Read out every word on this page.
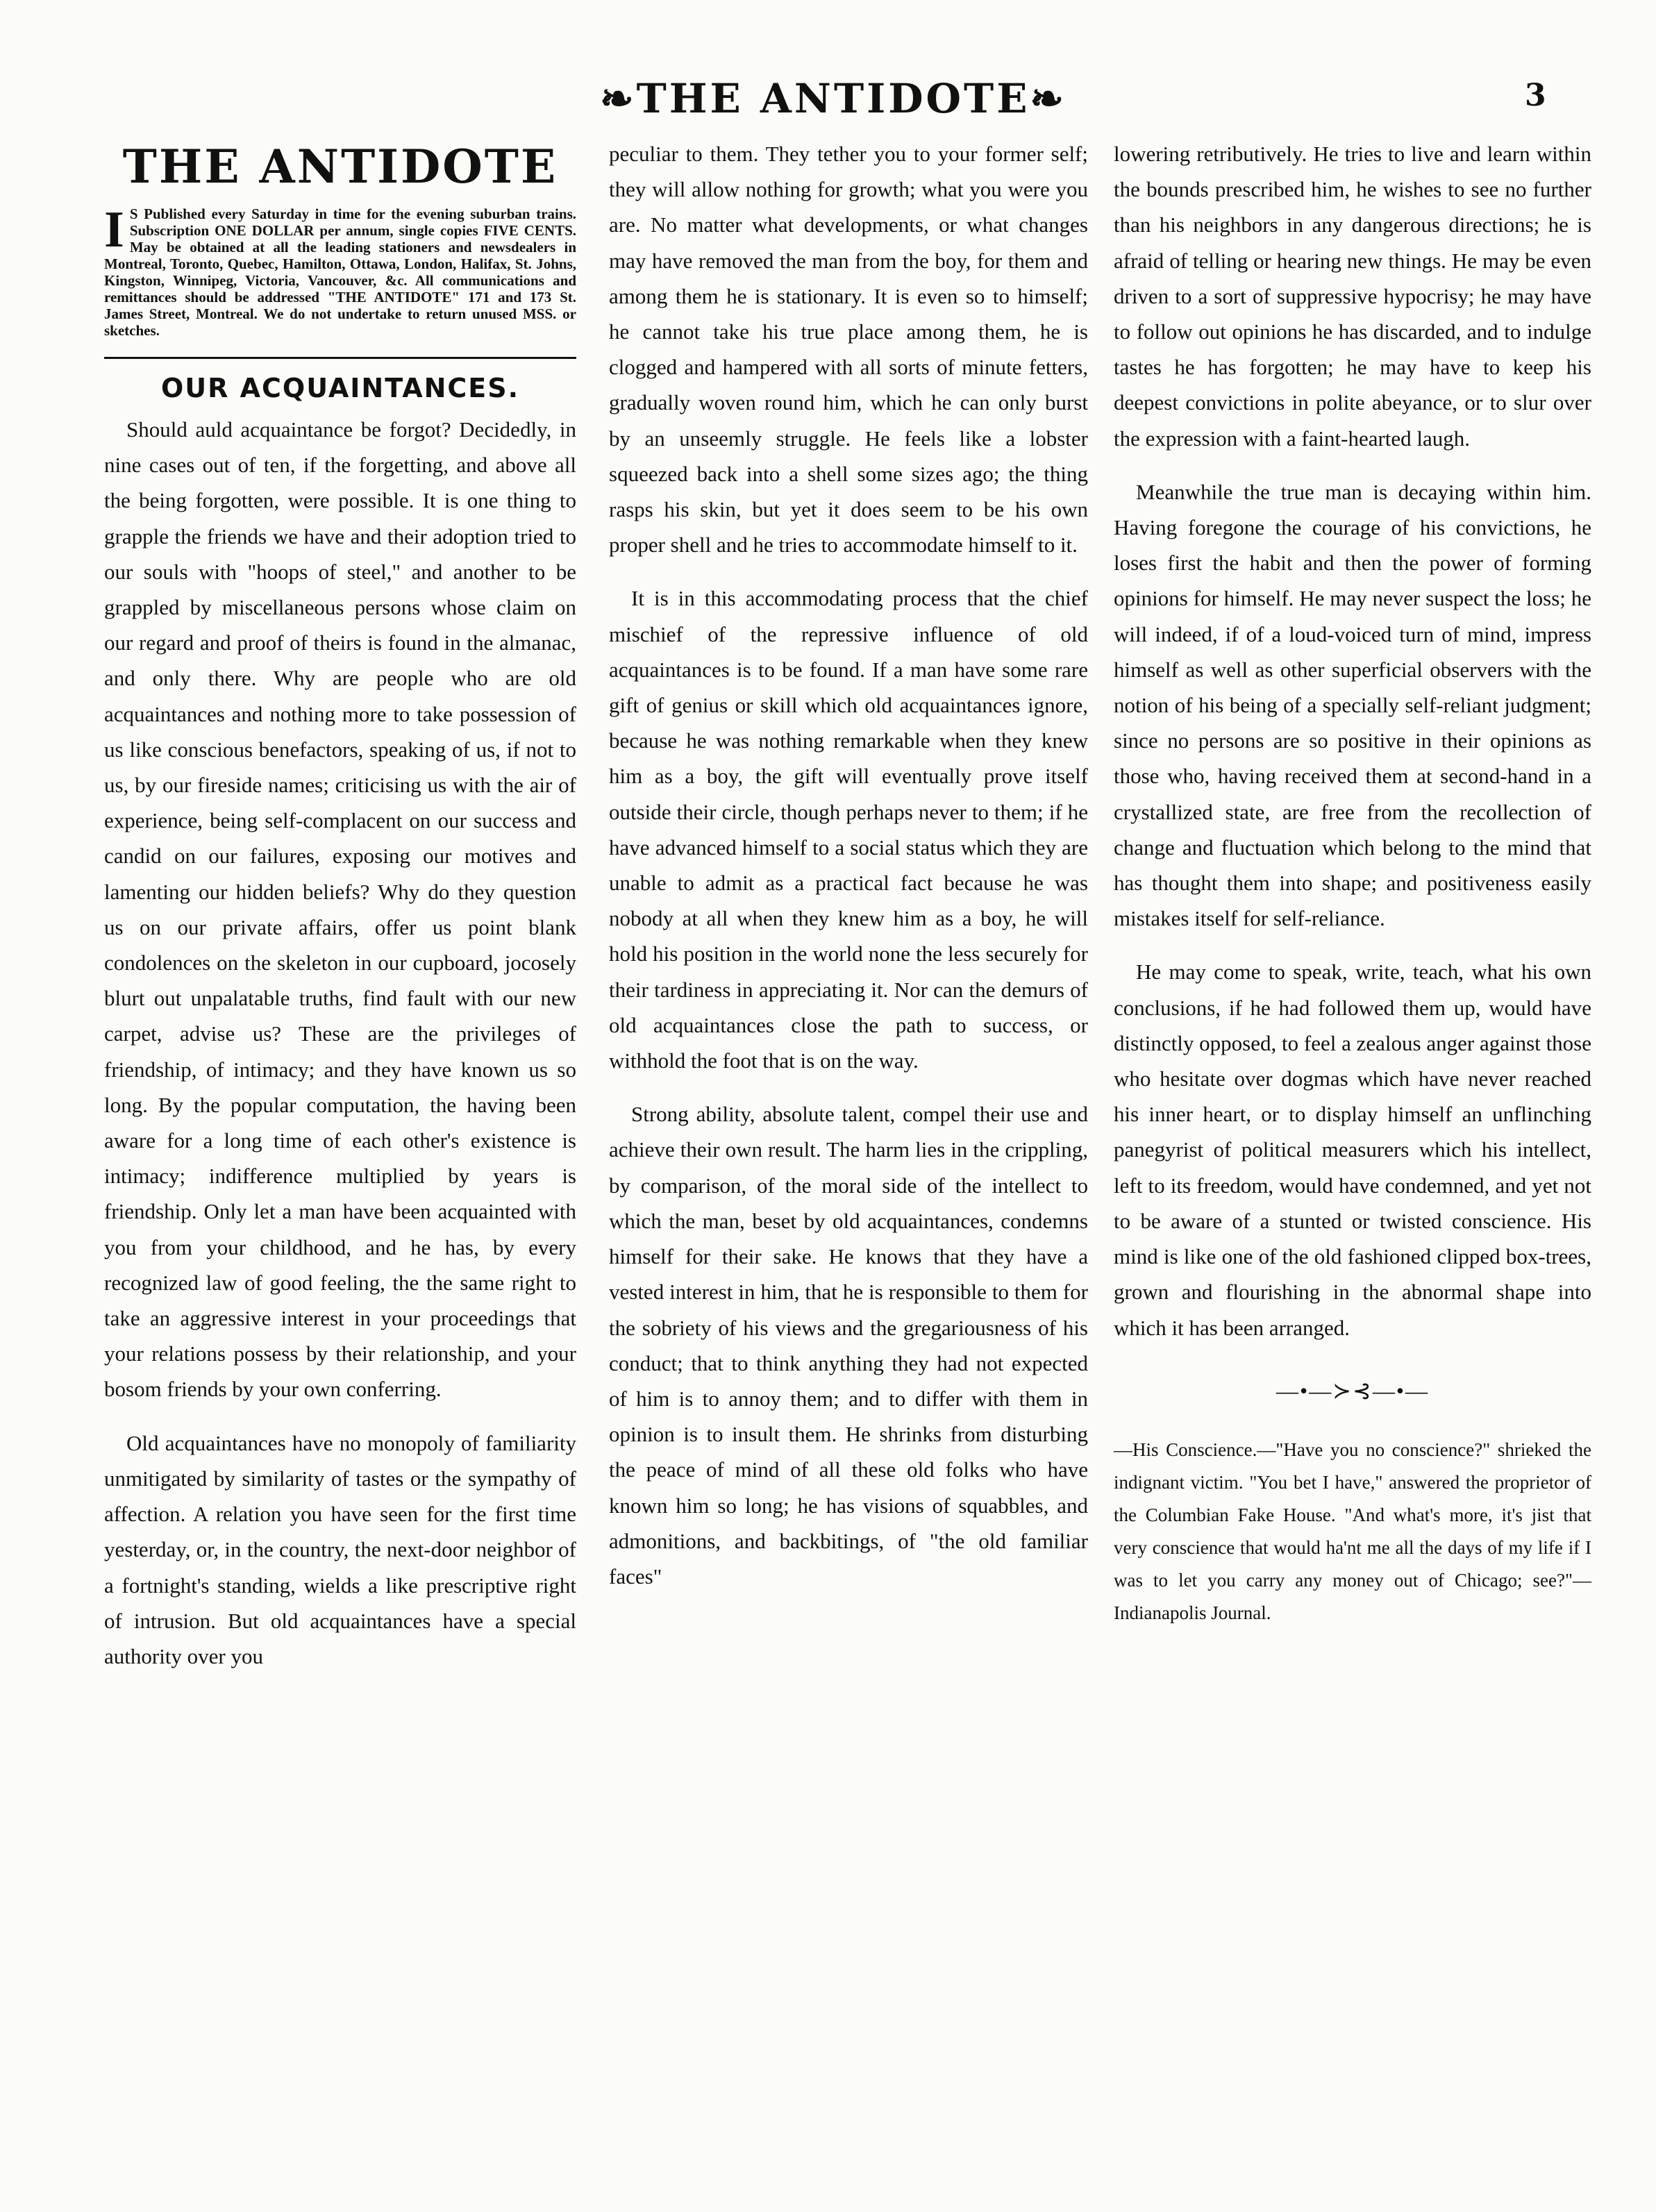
❧THE ANTIDOTE❧	3
THE ANTIDOTE
I S Published every Saturday in time for the evening suburban trains. Subscription ONE DOLLAR per annum, single copies FIVE CENTS. May be obtained at all the leading stationers and newsdealers in Montreal, Toronto, Quebec, Hamilton, Ottawa, London, Halifax, St. Johns, Kingston, Winnipeg, Victoria, Vancouver, &c. All communications and remittances should be addressed "THE ANTIDOTE" 171 and 173 St. James Street, Montreal. We do not undertake to return unused MSS. or sketches.
OUR ACQUAINTANCES.

Should auld acquaintance be forgot? Decidedly, in nine cases out of ten, if the forgetting, and above all the being forgotten, were possible. It is one thing to grapple the friends we have and their adoption tried to our souls with "hoops of steel," and another to be grappled by miscellaneous persons whose claim on our regard and proof of theirs is found in the almanac, and only there. Why are people who are old acquaintances and nothing more to take possession of us like conscious benefactors, speaking of us, if not to us, by our fireside names; criticising us with the air of experience, being self-complacent on our success and candid on our failures, exposing our motives and lamenting our hidden beliefs? Why do they question us on our private affairs, offer us point blank condolences on the skeleton in our cupboard, jocosely blurt out unpalatable truths, find fault with our new carpet, advise us? These are the privileges of friendship, of intimacy; and they have known us so long. By the popular computation, the having been aware for a long time of each other's existence is intimacy; indifference multiplied by years is friendship. Only let a man have been acquainted with you from your childhood, and he has, by every recognized law of good feeling, the the same right to take an aggressive interest in your proceedings that your relations possess by their relationship, and your bosom friends by your own conferring.

Old acquaintances have no monopoly of familiarity unmitigated by similarity of tastes or the sympathy of affection. A relation you have seen for the first time yesterday, or, in the country, the next-door neighbor of a fortnight's standing, wields a like prescriptive right of intrusion. But old acquaintances have a special authority over you

peculiar to them. They tether you to your former self; they will allow nothing for growth; what you were you are. No matter what developments, or what changes may have removed the man from the boy, for them and among them he is stationary. It is even so to himself; he cannot take his true place among them, he is clogged and hampered with all sorts of minute fetters, gradually woven round him, which he can only burst by an unseemly struggle. He feels like a lobster squeezed back into a shell some sizes ago; the thing rasps his skin, but yet it does seem to be his own proper shell and he tries to accommodate himself to it.

It is in this accommodating process that the chief mischief of the repressive influence of old acquaintances is to be found. If a man have some rare gift of genius or skill which old acquaintances ignore, because he was nothing remarkable when they knew him as a boy, the gift will eventually prove itself outside their circle, though perhaps never to them; if he have advanced himself to a social status which they are unable to admit as a practical fact because he was nobody at all when they knew him as a boy, he will hold his position in the world none the less securely for their tardiness in appreciating it. Nor can the demurs of old acquaintances close the path to success, or withhold the foot that is on the way.

Strong ability, absolute talent, compel their use and achieve their own result. The harm lies in the crippling, by comparison, of the moral side of the intellect to which the man, beset by old acquaintances, condemns himself for their sake. He knows that they have a vested interest in him, that he is responsible to them for the sobriety of his views and the gregariousness of his conduct; that to think anything they had not expected of him is to annoy them; and to differ with them in opinion is to insult them. He shrinks from disturbing the peace of mind of all these old folks who have known him so long; he has visions of squabbles, and admonitions, and backbitings, of "the old familiar faces"

lowering retributively. He tries to live and learn within the bounds prescribed him, he wishes to see no further than his neighbors in any dangerous directions; he is afraid of telling or hearing new things. He may be even driven to a sort of suppressive hypocrisy; he may have to follow out opinions he has discarded, and to indulge tastes he has forgotten; he may have to keep his deepest convictions in polite abeyance, or to slur over the expression with a faint-hearted laugh.

Meanwhile the true man is decaying within him. Having foregone the courage of his convictions, he loses first the habit and then the power of forming opinions for himself. He may never suspect the loss; he will indeed, if of a loud-voiced turn of mind, impress himself as well as other superficial observers with the notion of his being of a specially self-reliant judgment; since no persons are so positive in their opinions as those who, having received them at second-hand in a crystallized state, are free from the recollection of change and fluctuation which belong to the mind that has thought them into shape; and positiveness easily mistakes itself for self-reliance.

He may come to speak, write, teach, what his own conclusions, if he had followed them up, would have distinctly opposed, to feel a zealous anger against those who hesitate over dogmas which have never reached his inner heart, or to display himself an unflinching panegyrist of political measurers which his intellect, left to its freedom, would have condemned, and yet not to be aware of a stunted or twisted conscience. His mind is like one of the old fashioned clipped box-trees, grown and flourishing in the abnormal shape into which it has been arranged.

—•—≻⊰—•—

—His Conscience.—"Have you no conscience?" shrieked the indignant victim. "You bet I have," answered the proprietor of the Columbian Fake House. "And what's more, it's jist that very conscience that would ha'nt me all the days of my life if I was to let you carry any money out of Chicago; see?"—Indianapolis Journal.
